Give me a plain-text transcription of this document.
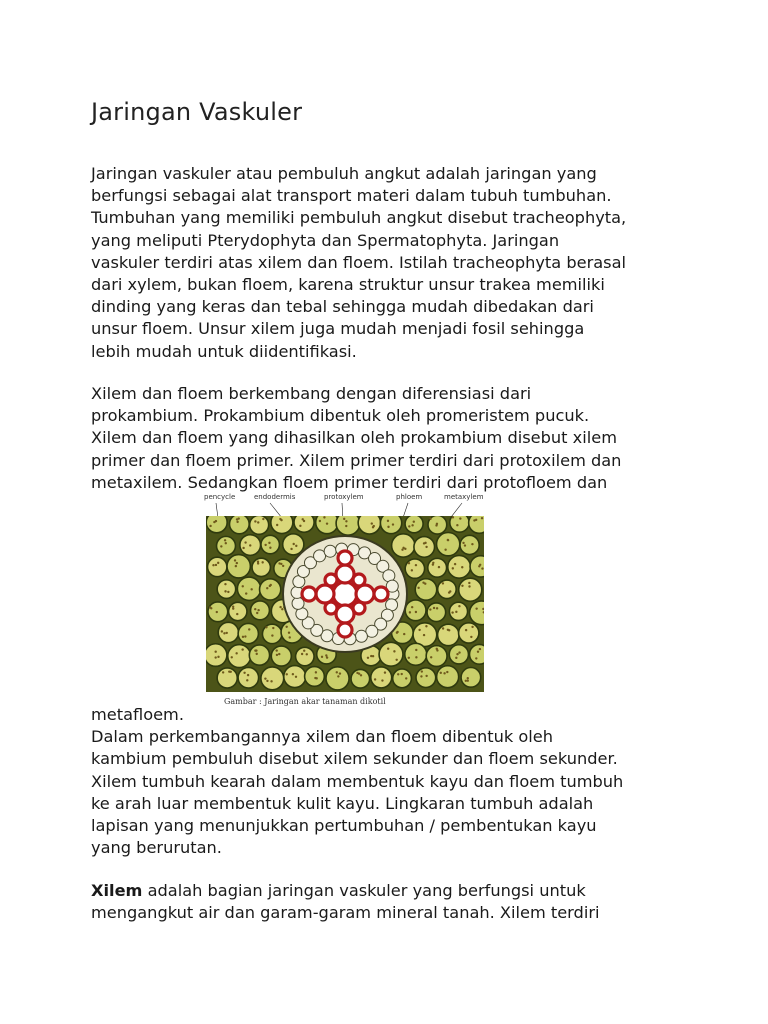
Jaringan Vaskuler
Jaringan vaskuler atau pembuluh angkut adalah jaringan yang
berfungsi sebagai alat transport materi dalam tubuh tumbuhan.
Tumbuhan yang memiliki pembuluh angkut disebut tracheophyta,
yang meliputi Pterydophyta dan Spermatophyta. Jaringan
vaskuler terdiri atas xilem dan floem. Istilah tracheophyta berasal
dari xylem, bukan floem, karena struktur unsur trakea memiliki
dinding yang keras dan tebal sehingga mudah dibedakan dari
unsur floem. Unsur xilem juga mudah menjadi fosil sehingga
lebih mudah untuk diidentifikasi.
Xilem dan floem berkembang dengan diferensiasi dari
prokambium. Prokambium dibentuk oleh promeristem pucuk.
Xilem dan floem yang dihasilkan oleh prokambium disebut xilem
primer dan floem primer. Xilem primer terdiri dari protoxilem dan
metaxilem. Sedangkan floem primer terdiri dari protofloem dan
pencycle	endodermis	protoxylem	phloem	metaxylem
Gambar : Jaringan akar tanaman dikotil
metafloem.
Dalam perkembangannya xilem dan floem dibentuk oleh
kambium pembuluh disebut xilem sekunder dan floem sekunder.
Xilem tumbuh kearah dalam membentuk kayu dan floem tumbuh
ke arah luar membentuk kulit kayu. Lingkaran tumbuh adalah
lapisan yang menunjukkan pertumbuhan / pembentukan kayu
yang berurutan.
Xilem adalah bagian jaringan vaskuler yang berfungsi untuk
mengangkut air dan garam-garam mineral tanah. Xilem terdiri
